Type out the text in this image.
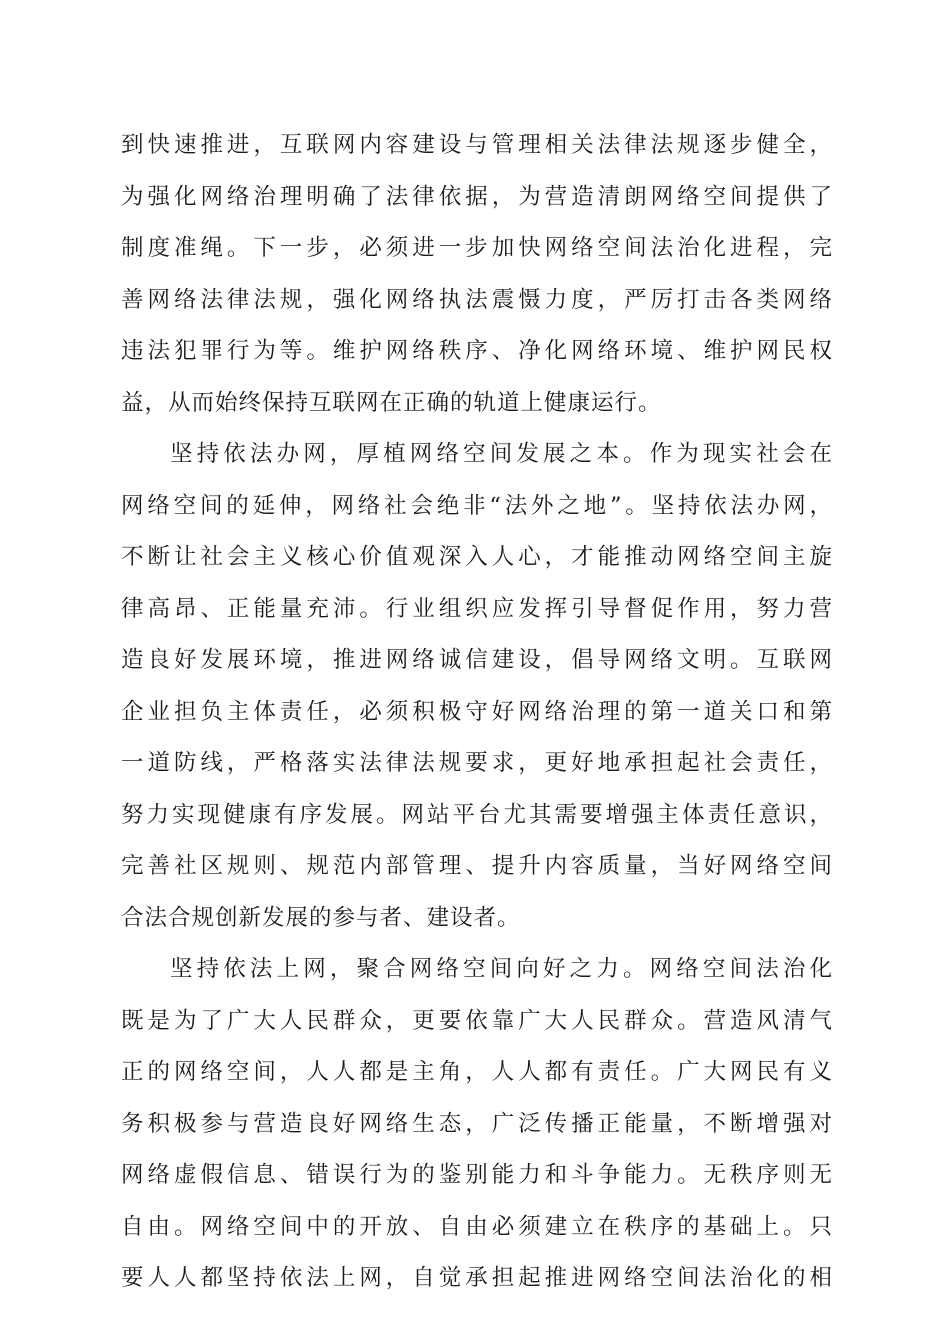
到快速推进，互联网内容建设与管理相关法律法规逐步健全，
为强化网络治理明确了法律依据，为营造清朗网络空间提供了
制度准绳。下一步，必须进一步加快网络空间法治化进程，完
善网络法律法规，强化网络执法震慑力度，严厉打击各类网络
违法犯罪行为等。维护网络秩序、净化网络环境、维护网民权
益，从而始终保持互联网在正确的轨道上健康运行。
坚持依法办网，厚植网络空间发展之本。作为现实社会在
网络空间的延伸，网络社会绝非“法外之地”。坚持依法办网，
不断让社会主义核心价值观深入人心，才能推动网络空间主旋
律高昂、正能量充沛。行业组织应发挥引导督促作用，努力营
造良好发展环境，推进网络诚信建设，倡导网络文明。互联网
企业担负主体责任，必须积极守好网络治理的第一道关口和第
一道防线，严格落实法律法规要求，更好地承担起社会责任，
努力实现健康有序发展。网站平台尤其需要增强主体责任意识，
完善社区规则、规范内部管理、提升内容质量，当好网络空间
合法合规创新发展的参与者、建设者。
坚持依法上网，聚合网络空间向好之力。网络空间法治化
既是为了广大人民群众，更要依靠广大人民群众。营造风清气
正的网络空间，人人都是主角，人人都有责任。广大网民有义
务积极参与营造良好网络生态，广泛传播正能量，不断增强对
网络虚假信息、错误行为的鉴别能力和斗争能力。无秩序则无
自由。网络空间中的开放、自由必须建立在秩序的基础上。只
要人人都坚持依法上网，自觉承担起推进网络空间法治化的相
